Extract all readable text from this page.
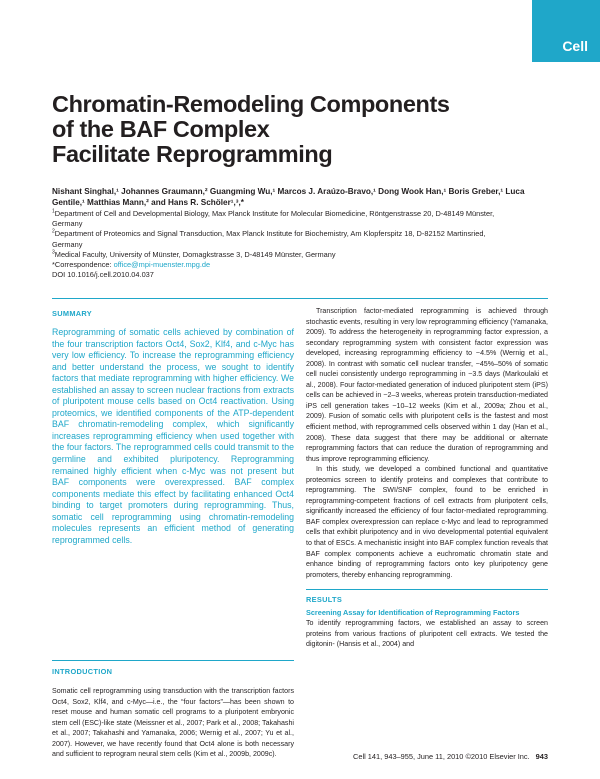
Cell
Chromatin-Remodeling Components
of the BAF Complex
Facilitate Reprogramming
Nishant Singhal,¹ Johannes Graumann,² Guangming Wu,¹ Marcos J. Araúzo-Bravo,¹ Dong Wook Han,¹ Boris Greber,¹ Luca Gentile,¹ Matthias Mann,² and Hans R. Schöler¹,³,*

$^1$Department of Cell and Developmental Biology, Max Planck Institute for Molecular Biomedicine, Röntgenstrasse 20, D-48149 Münster,

Germany

$^2$Department of Proteomics and Signal Transduction, Max Planck Institute for Biochemistry, Am Klopferspitz 18, D-82152 Martinsried,

Germany

$^3$Medical Faculty, University of Münster, Domagkstrasse 3, D-48149 Münster, Germany

*Correspondence: office@mpi-muenster.mpg.de

DOI 10.1016/j.cell.2010.04.037

SUMMARY
Reprogramming of somatic cells achieved by combination of the four transcription factors Oct4, Sox2, Klf4, and c-Myc has very low efficiency. To increase the reprogramming efficiency and better understand the process, we sought to identify factors that mediate reprogramming with higher efficiency. We established an assay to screen nuclear fractions from extracts of pluripotent mouse cells based on Oct4 reactivation. Using proteomics, we identified components of the ATP-dependent BAF chromatin-remodeling complex, which significantly increases reprogramming efficiency when used together with the four factors. The reprogrammed cells could transmit to the germline and exhibited pluripotency. Reprogramming remained highly efficient when c-Myc was not present but BAF components were overexpressed. BAF complex components mediate this effect by facilitating enhanced Oct4 binding to target promoters during reprogramming. Thus, somatic cell reprogramming using chromatin-remodeling molecules represents an efficient method of generating reprogrammed cells.
INTRODUCTION
Somatic cell reprogramming using transduction with the transcription factors Oct4, Sox2, Klf4, and c-Myc—i.e., the “four factors”—has been shown to reset mouse and human somatic cell programs to a pluripotent embryonic stem cell (ESC)-like state (Meissner et al., 2007; Park et al., 2008; Takahashi et al., 2007; Takahashi and Yamanaka, 2006; Wernig et al., 2007; Yu et al., 2007). However, we have recently found that Oct4 alone is both necessary and sufficient to reprogram neural stem cells (Kim et al., 2009b, 2009c).

Transcription factor-mediated reprogramming is achieved through stochastic events, resulting in very low reprogramming efficiency (Yamanaka, 2009). To address the heterogeneity in reprogramming factor expression, a secondary reprogramming system with consistent factor expression was developed, increasing reprogramming efficiency to ~4.5% (Wernig et al., 2008). In contrast with somatic cell nuclear transfer, ~45%–50% of somatic cell nuclei consistently undergo reprogramming in ~3.5 days (Markoulaki et al., 2008). Four factor-mediated generation of induced pluripotent stem (iPS) cells can be achieved in ~2–3 weeks, whereas protein transduction-mediated iPS cell generation takes ~10–12 weeks (Kim et al., 2009a; Zhou et al., 2009). Fusion of somatic cells with pluripotent cells is the fastest and most efficient method, with reprogrammed cells observed within 1 day (Han et al., 2008). These data suggest that there may be additional or alternate reprogramming factors that can reduce the duration of reprogramming and thus improve reprogramming efficiency.

In this study, we developed a combined functional and quantitative proteomics screen to identify proteins and complexes that contribute to reprogramming. The SWI/SNF complex, found to be enriched in reprogramming-competent fractions of cell extracts from pluripotent cells, significantly increased the efficiency of four factor-mediated reprogramming. BAF complex overexpression can replace c-Myc and lead to reprogrammed cells that exhibit pluripotency and in vivo developmental potential equivalent to that of ESCs. A mechanistic insight into BAF complex function reveals that BAF complex components achieve a euchromatic chromatin state and enhance binding of reprogramming factors onto key pluripotency gene promoters, thereby enhancing reprogramming.

RESULTS
Screening Assay for Identification of Reprogramming Factors
To identify reprogramming factors, we established an assay to screen proteins from various fractions of pluripotent cell extracts. We tested the digitonin- (Hansis et al., 2004) and
Cell 141, 943–955, June 11, 2010 ©2010 Elsevier Inc. 943
